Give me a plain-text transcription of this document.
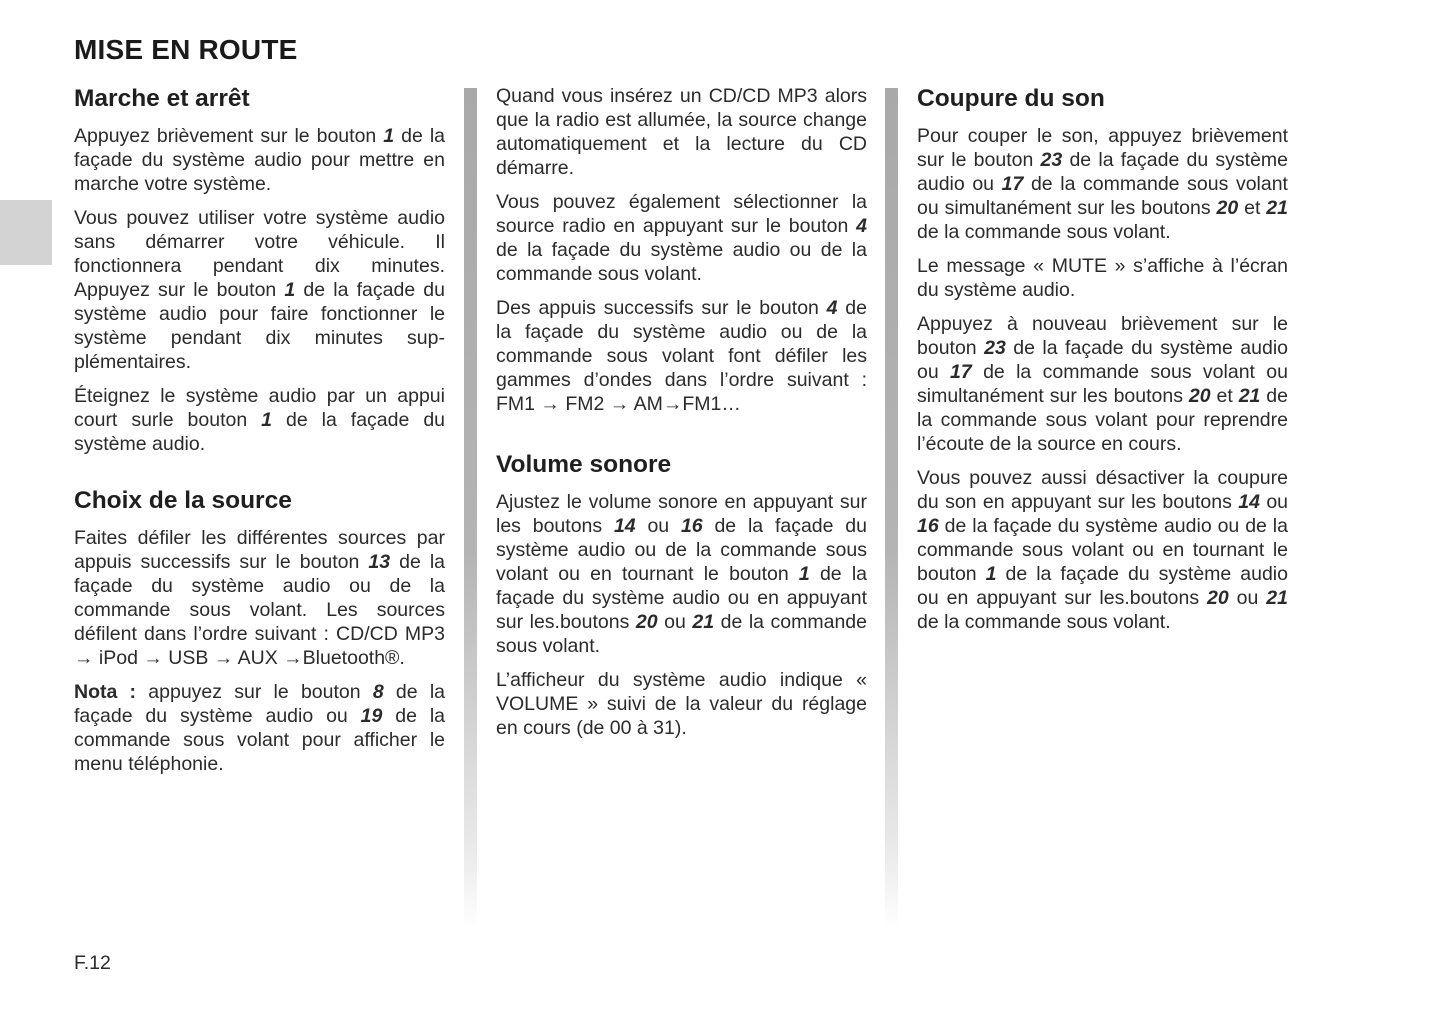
MISE EN ROUTE
Marche et arrêt

Appuyez brièvement sur le bouton 1 de la façade du système audio pour mettre en marche votre système.

Vous pouvez utiliser votre système audio sans démarrer votre véhicule. Il fonctionnera pendant dix minutes. Appuyez sur le bouton 1 de la façade du système audio pour faire fonctionner le système pendant dix minutes supplémentaires.

Éteignez le système audio par un appui court surle bouton 1 de la façade du système audio.

Choix de la source

Faites défiler les différentes sources par appuis successifs sur le bouton 13 de la façade du système audio ou de la commande sous volant. Les sources défilent dans l’ordre suivant : CD/CD MP3 → iPod → USB → AUX →Bluetooth®.

Nota : appuyez sur le bouton 8 de la façade du système audio ou 19 de la commande sous volant pour afficher le menu téléphonie.

Quand vous insérez un CD/CD MP3 alors que la radio est allumée, la source change automatiquement et la lecture du CD démarre.

Vous pouvez également sélectionner la source radio en appuyant sur le bouton 4 de la façade du système audio ou de la commande sous volant.

Des appuis successifs sur le bouton 4 de la façade du système audio ou de la commande sous volant font défiler les gammes d’ondes dans l’ordre suivant : FM1 → FM2 → AM→FM1…

Volume sonore

Ajustez le volume sonore en appuyant sur les boutons 14 ou 16 de la façade du système audio ou de la commande sous volant ou en tournant le bouton 1 de la façade du système audio ou en appuyant sur les.boutons 20 ou 21 de la commande sous volant.

L’afficheur du système audio indique « VOLUME » suivi de la valeur du réglage en cours (de 00 à 31).

Coupure du son

Pour couper le son, appuyez brièvement sur le bouton 23 de la façade du système audio ou 17 de la commande sous volant ou simultanément sur les boutons 20 et 21 de la commande sous volant.

Le message « MUTE » s’affiche à l’écran du système audio.

Appuyez à nouveau brièvement sur le bouton 23 de la façade du système audio ou 17 de la commande sous volant ou simultanément sur les boutons 20 et 21 de la commande sous volant pour reprendre l’écoute de la source en cours.

Vous pouvez aussi désactiver la coupure du son en appuyant sur les boutons 14 ou 16 de la façade du système audio ou de la commande sous volant ou en tournant le bouton 1 de la façade du système audio ou en appuyant sur les.boutons 20 ou 21 de la commande sous volant.

F.12
